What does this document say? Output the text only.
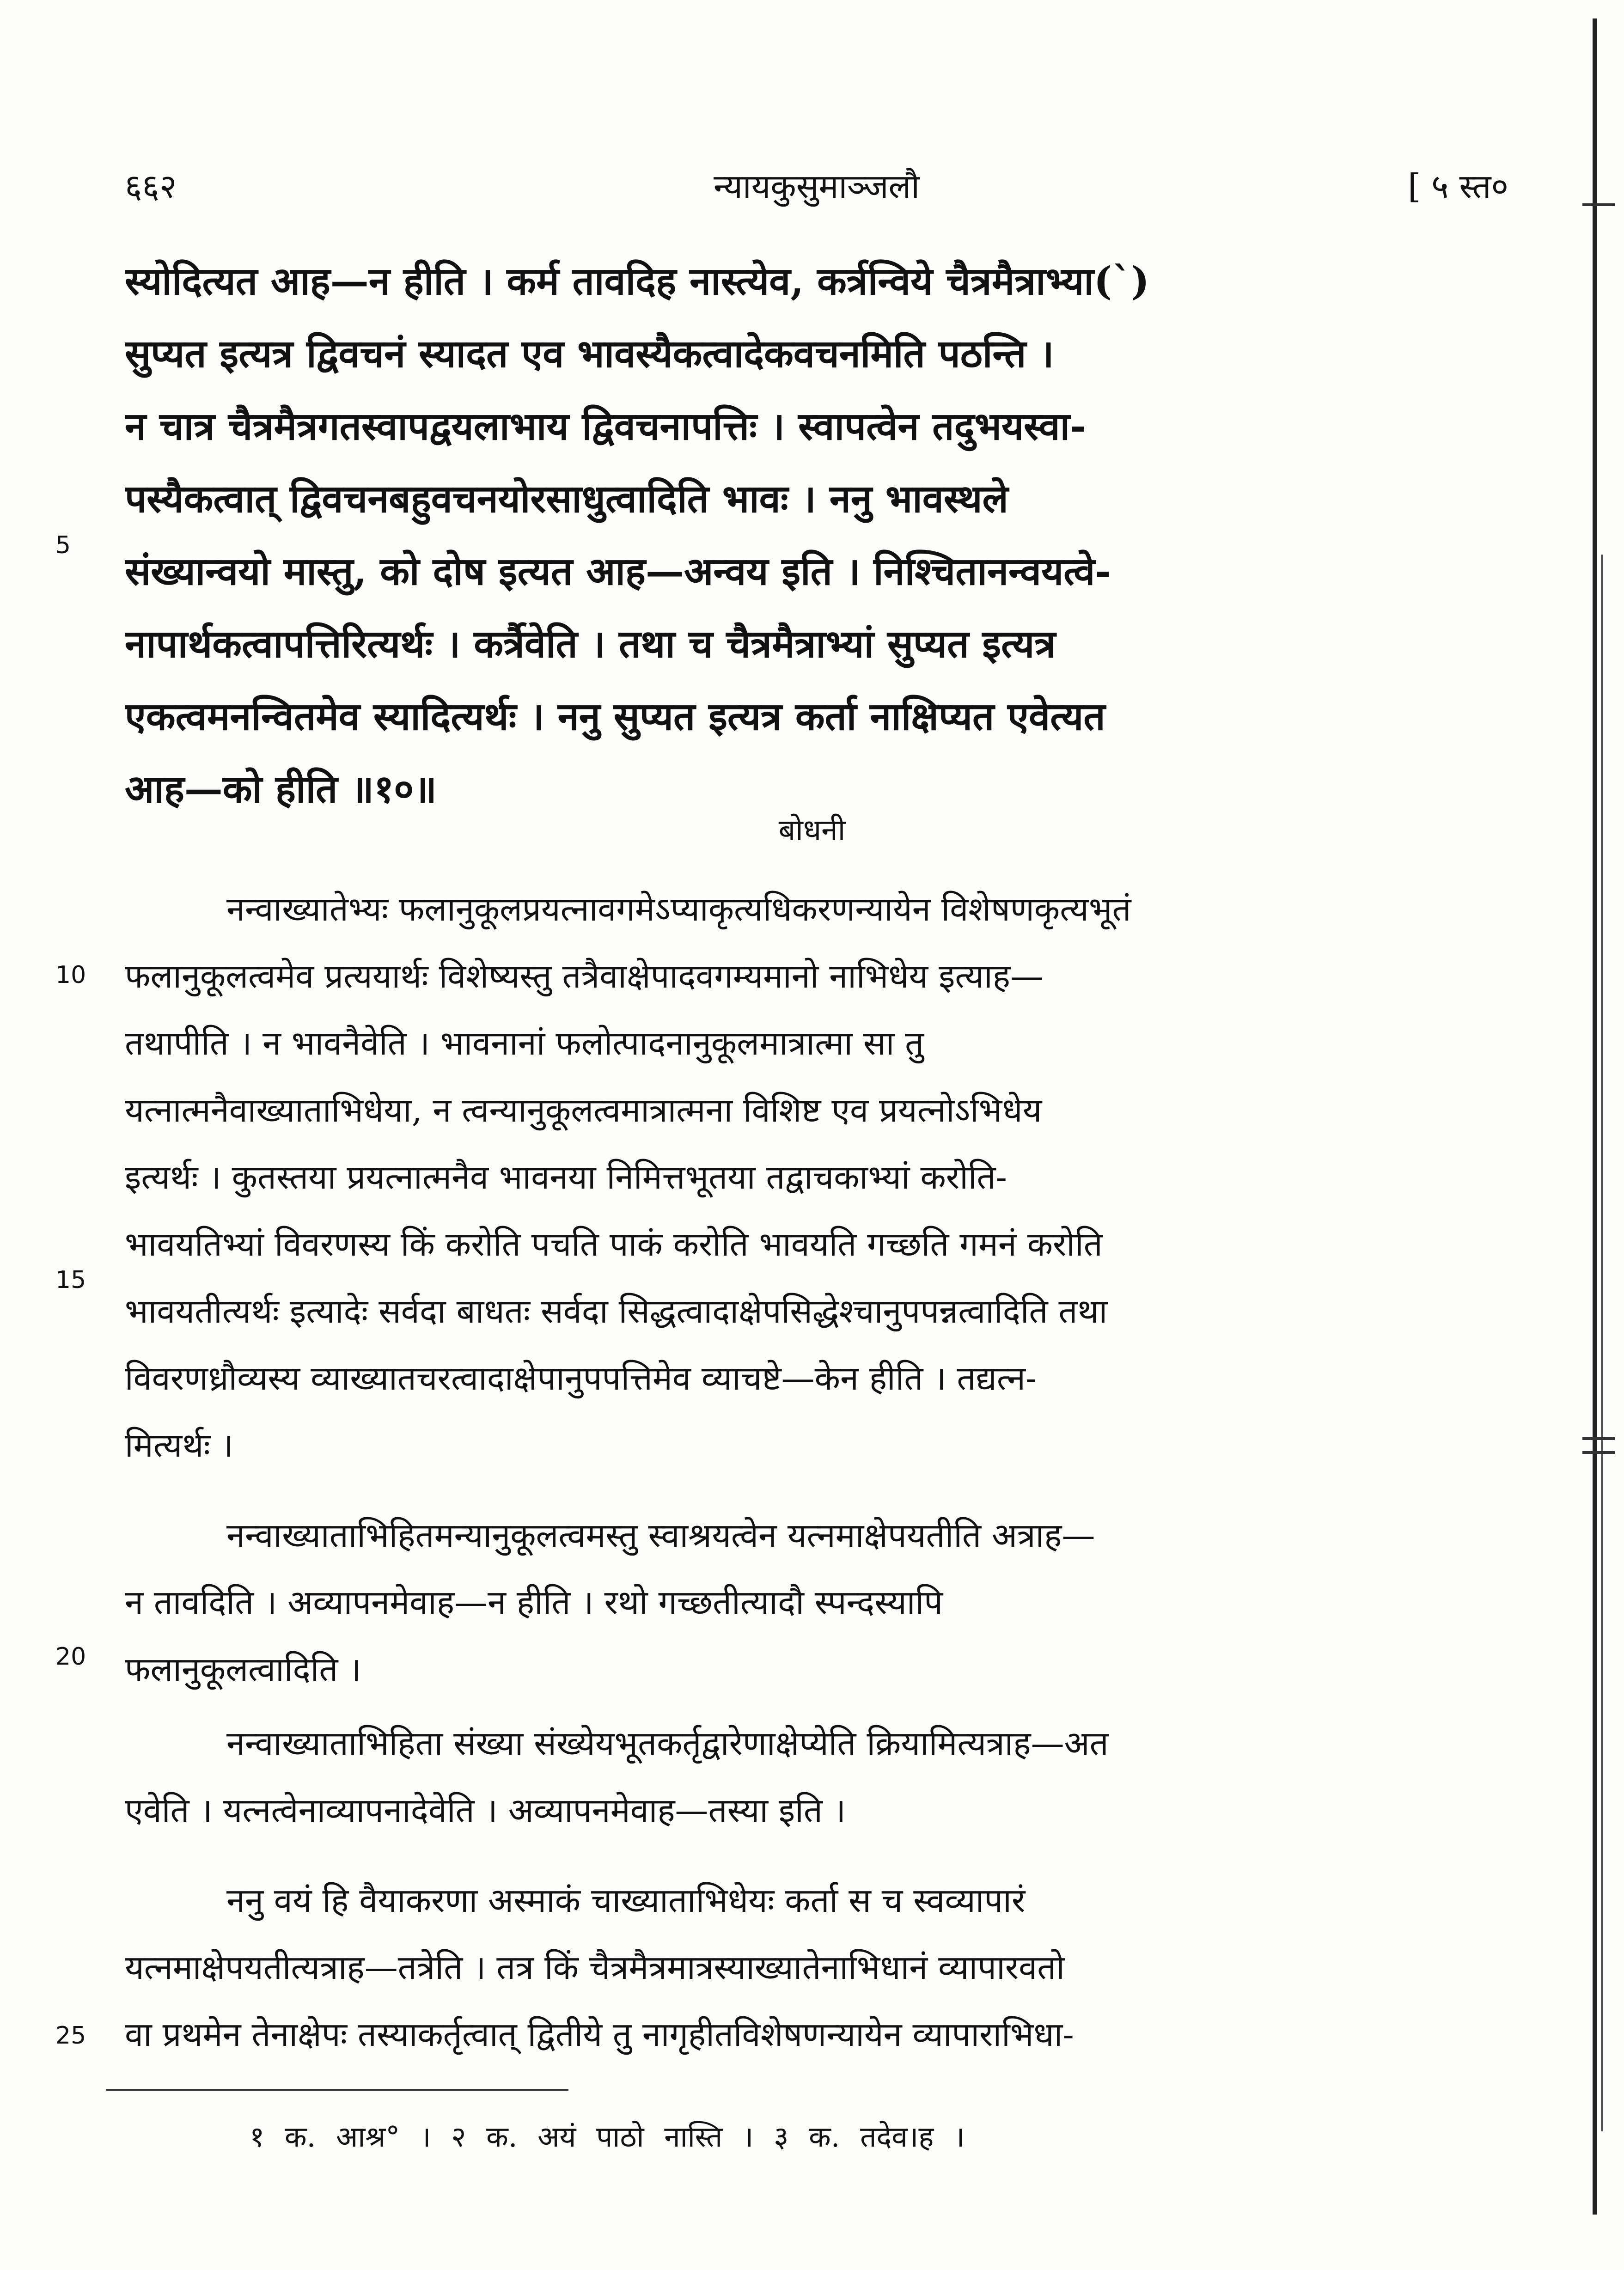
६६२	न्यायकुसुमाञ्जलौ	[ ५ स्त०
स्योदित्यत आह—न हीति । कर्म तावदिह नास्त्येव, कर्त्रन्विये चैत्रमैत्राभ्या(`)
सुप्यत इत्यत्र द्विवचनं स्यादत एव भावस्यैकत्वादेकवचनमिति पठन्ति ।
न चात्र चैत्रमैत्रगतस्वापद्वयलाभाय द्विवचनापत्तिः । स्वापत्वेन तदुभयस्वा-
पस्यैकत्वात् द्विवचनबहुवचनयोरसाधुत्वादिति भावः । ननु भावस्थले
संख्यान्वयो मास्तु, को दोष इत्यत आह—अन्वय इति । निश्चितानन्वयत्वे-
नापार्थकत्वापत्तिरित्यर्थः । कर्त्रैवेति । तथा च चैत्रमैत्राभ्यां सुप्यत इत्यत्र
एकत्वमनन्वितमेव स्यादित्यर्थः । ननु सुप्यत इत्यत्र कर्ता नाक्षिप्यत एवेत्यत
आह—को हीति ॥१०॥
5
बोधनी
नन्वाख्यातेभ्यः फलानुकूलप्रयत्नावगमेऽप्याकृत्यधिकरणन्यायेन विशेषणकृत्यभूतं
फलानुकूलत्वमेव प्रत्ययार्थः विशेष्यस्तु तत्रैवाक्षेपादवगम्यमानो नाभिधेय इत्याह—
तथापीति । न भावनैवेति । भावनानां फलोत्पादनानुकूलमात्रात्मा सा तु
यत्नात्मनैवाख्याताभिधेया, न त्वन्यानुकूलत्वमात्रात्मना विशिष्ट एव प्रयत्नोऽभिधेय
इत्यर्थः । कुतस्तया प्रयत्नात्मनैव भावनया निमित्तभूतया तद्वाचकाभ्यां करोति-
भावयतिभ्यां विवरणस्य किं करोति पचति पाकं करोति भावयति गच्छति गमनं करोति
भावयतीत्यर्थः इत्यादेः सर्वदा बाधतः सर्वदा सिद्धत्वादाक्षेपसिद्धेश्चानुपपन्नत्वादिति तथा
विवरणध्रौव्यस्य व्याख्यातचरत्वादाक्षेपानुपपत्तिमेव व्याचष्टे—केन हीति । तद्यत्न-
मित्यर्थः ।
10
15
नन्वाख्याताभिहितमन्यानुकूलत्वमस्तु स्वाश्रयत्वेन यत्नमाक्षेपयतीति अत्राह—
न तावदिति । अव्यापनमेवाह—न हीति । रथो गच्छतीत्यादौ स्पन्दस्यापि
फलानुकूलत्वादिति ।
20
नन्वाख्याताभिहिता संख्या संख्येयभूतकर्तृद्वारेणाक्षेप्येति क्रियामित्यत्राह—अत
एवेति । यत्नत्वेनाव्यापनादेवेति । अव्यापनमेवाह—तस्या इति ।
ननु वयं हि वैयाकरणा अस्माकं चाख्याताभिधेयः कर्ता स च स्वव्यापारं
यत्नमाक्षेपयतीत्यत्राह—तत्रेति । तत्र किं चैत्रमैत्रमात्रस्याख्यातेनाभिधानं व्यापारवतो
वा प्रथमेन तेनाक्षेपः तस्याकर्तृत्वात् द्वितीये तु नागृहीतविशेषणन्यायेन व्यापाराभिधा-
25
१ क. आश्र° । २ क. अयं पाठो नास्ति । ३ क. तदेव।ह ।
